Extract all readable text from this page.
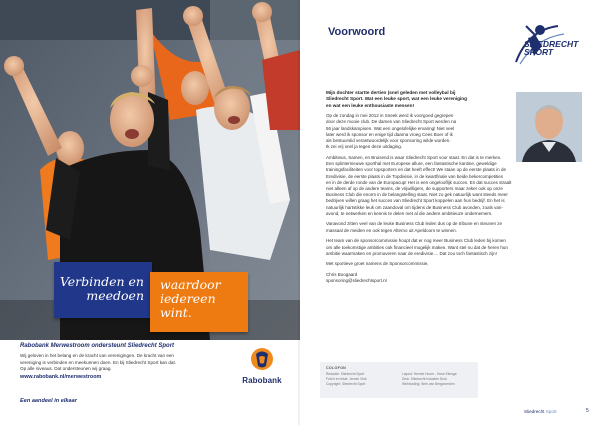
Verbinden en
meedoen
waardoor
iedereen
wint.
Rabobank Merwestroom ondersteunt Sliedrecht Sport
Wij geloven in het belang en de kracht van verenigingen. De kracht van een
vereniging is verbinden en meekunnen doen. En bij Sliedrecht Sport kan dat.
Op alle niveaus. Dat ondersteunen wij graag.
www.rabobank.nl/merwestroom
Een aandeel in elkaar
Rabobank
Voorwoord
SLIEDRECHT
SPORT
Mijn dochter startte dertien (snel geleden met volleybal bij
Sliedrecht Sport. Wat een leuke sport, wat een leuke vereniging
en wat een leuke enthousiaste mensen!
Op de zondag in mei 2012 in Sneek werd ik voorgoed gegrepen
door deze mooie club. De dames van Sliedrecht Sport werden na
56 jaar landskampioen. Wat een ongelofelijke ervaring! Niet veel
later werd ik sponsor en enige tijd daarna vroeg Cees Boer of ik
als bestuurslid verantwoordelijk voor sponsoring wilde worden.
Ik zei vrij snel ja tegen deze uitdaging.
Ambitieus, Samen, en Bruisend is waar Sliedrecht Sport voor staat. En dat is te merken.
Een splinternieuwe sporthal met Europese allure, een fantastische kantine, geweldige
trainingsfaciliteiten voor topsporters en dat heeft effect! We staan op de eerste plaats in de
Eredivisie, de eerste plaats in de Topdivisie, in de kwartfinale van beide bekercompetities
en in de derde ronde van de Europacup! Het is een ongelooflijk succes. En dat succes straalt
niet alleen af op de andere teams, de vrijwilligers, de supporters maar zeker ook op onze
Business Club die enorm in de belangstelling staat. Niet zo gek natuurlijk want steeds meer
bedrijven willen graag het succes van Sliedrecht Sport koppelen aan hun bedrijf. En het is
natuurlijk hartstikke leuk om zaandoval om tijdens de Business Club avonden, zoals van-
avond, te netwerken en kennis te delen met al die andere ambitieuze ondernemers.
Vanavond zitten veel van de leuke Business Club leden dus op de tribune en steunen ze
massaal de meiden en ook tegen Alterno uit Apeldoorn te winnen.
Het team van de sponsorcommissie hoopt dat er nog meer Business Club leden bij komen
om alle toekomstige ambities ook financieel mogelijk maken. Want stel nu dat de heren hun
ambitie waarmaken en promoveren naar de eredivisie.... Dat zou toch fantastisch zijn!
Met sportieve groet namens de Sponsorcommissie,
Chris Boogaard
sponsoring@sliedrechtsport.nl
COLOFON
Redactie: Sliedrecht Sport
Foto's en tekst: Jeroen Vink
Copyright: Sliedrecht Sport
Layout: Hennie Hoorn - Hose Elsinga
Druk: Sliedrecht Industrie Druk
Webhosting: Web van Bergwoerden
Sliedrecht Sport	5
